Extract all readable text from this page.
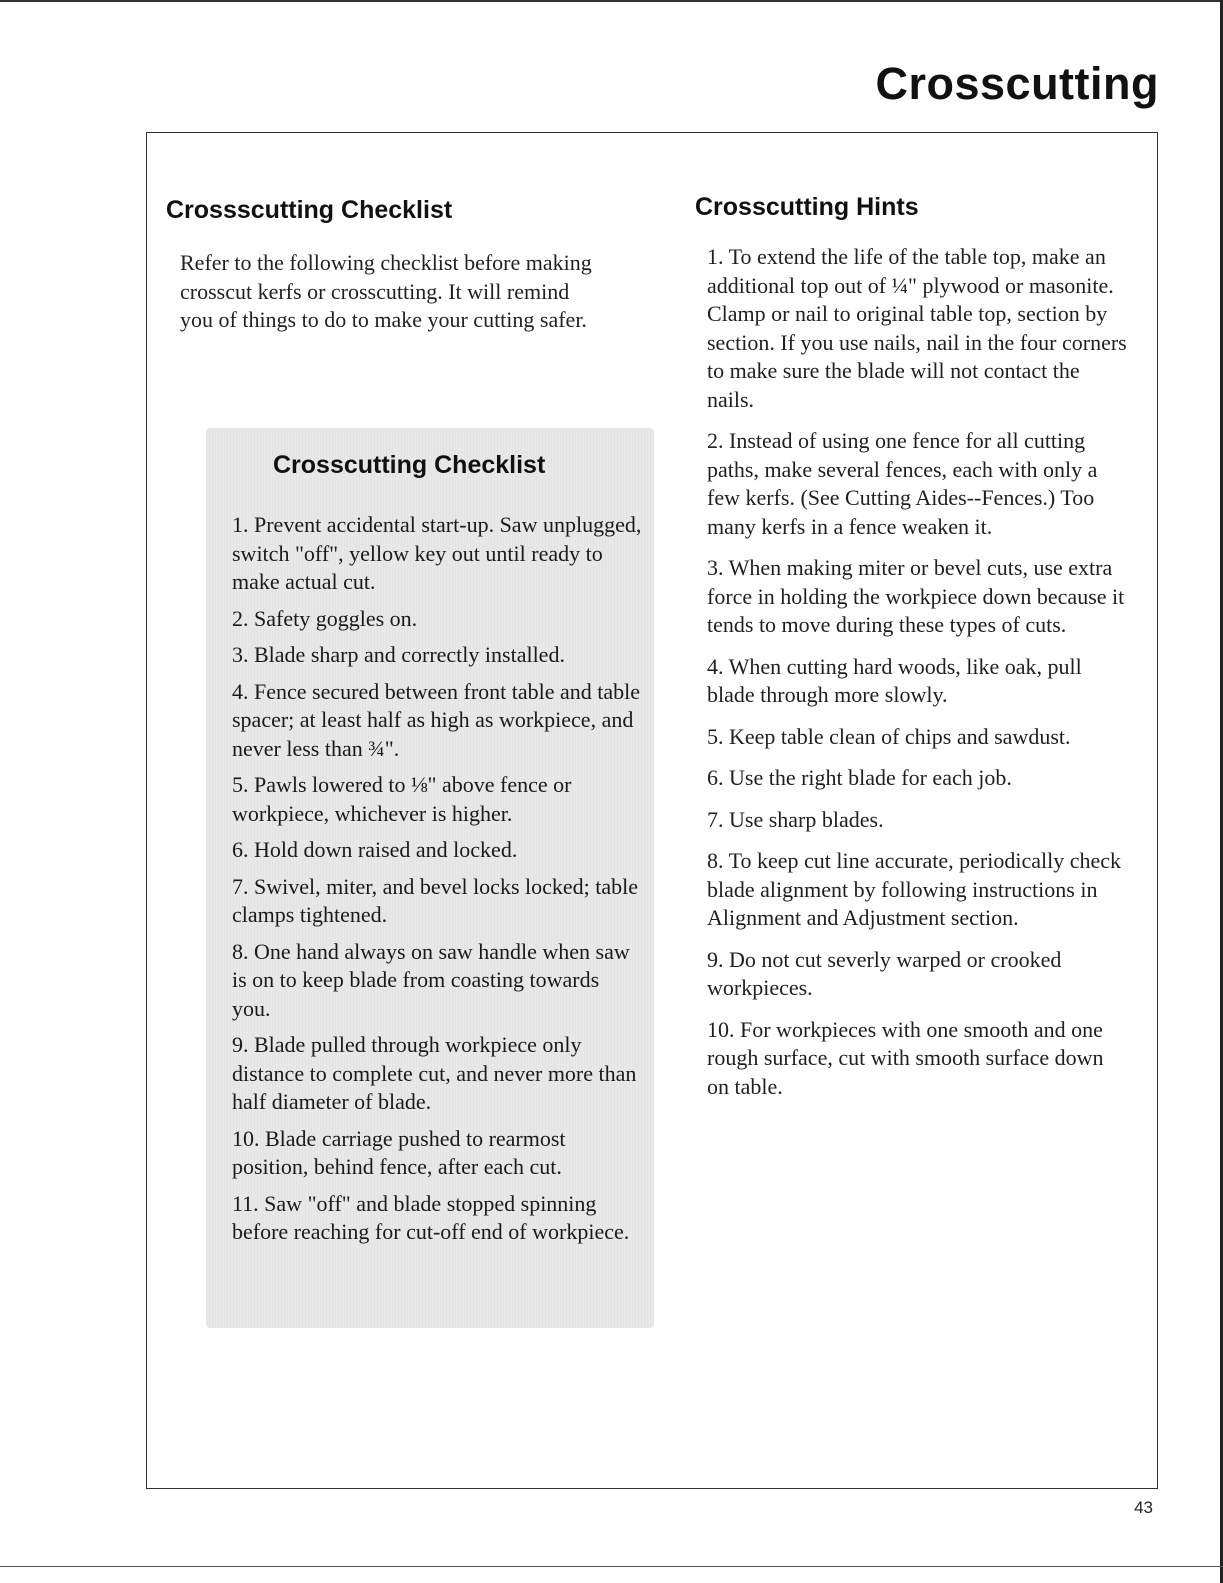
Crosscutting
Crossscutting Checklist

Refer to the following checklist before making crosscut kerfs or crosscutting. It will remind you of things to do to make your cutting safer.

Crosscutting Checklist
1. Prevent accidental start-up. Saw unplugged, switch "off", yellow key out until ready to make actual cut.
2. Safety goggles on.
3. Blade sharp and correctly installed.
4. Fence secured between front table and table spacer; at least half as high as workpiece, and never less than ¾".
5. Pawls lowered to ⅛" above fence or workpiece, whichever is higher.
6. Hold down raised and locked.
7. Swivel, miter, and bevel locks locked; table clamps tightened.
8. One hand always on saw handle when saw is on to keep blade from coasting towards you.
9. Blade pulled through workpiece only distance to complete cut, and never more than half diameter of blade.
10. Blade carriage pushed to rearmost position, behind fence, after each cut.
11. Saw "off" and blade stopped spinning before reaching for cut-off end of workpiece.
Crosscutting Hints
1. To extend the life of the table top, make an additional top out of ¼" plywood or masonite. Clamp or nail to original table top, section by section. If you use nails, nail in the four corners to make sure the blade will not contact the nails.
2. Instead of using one fence for all cutting paths, make several fences, each with only a few kerfs. (See Cutting Aides--Fences.) Too many kerfs in a fence weaken it.
3. When making miter or bevel cuts, use extra force in holding the workpiece down because it tends to move during these types of cuts.
4. When cutting hard woods, like oak, pull blade through more slowly.
5. Keep table clean of chips and sawdust.
6. Use the right blade for each job.
7. Use sharp blades.
8. To keep cut line accurate, periodically check blade alignment by following instructions in Alignment and Adjustment section.
9. Do not cut severly warped or crooked workpieces.
10. For workpieces with one smooth and one rough surface, cut with smooth surface down on table.

43
